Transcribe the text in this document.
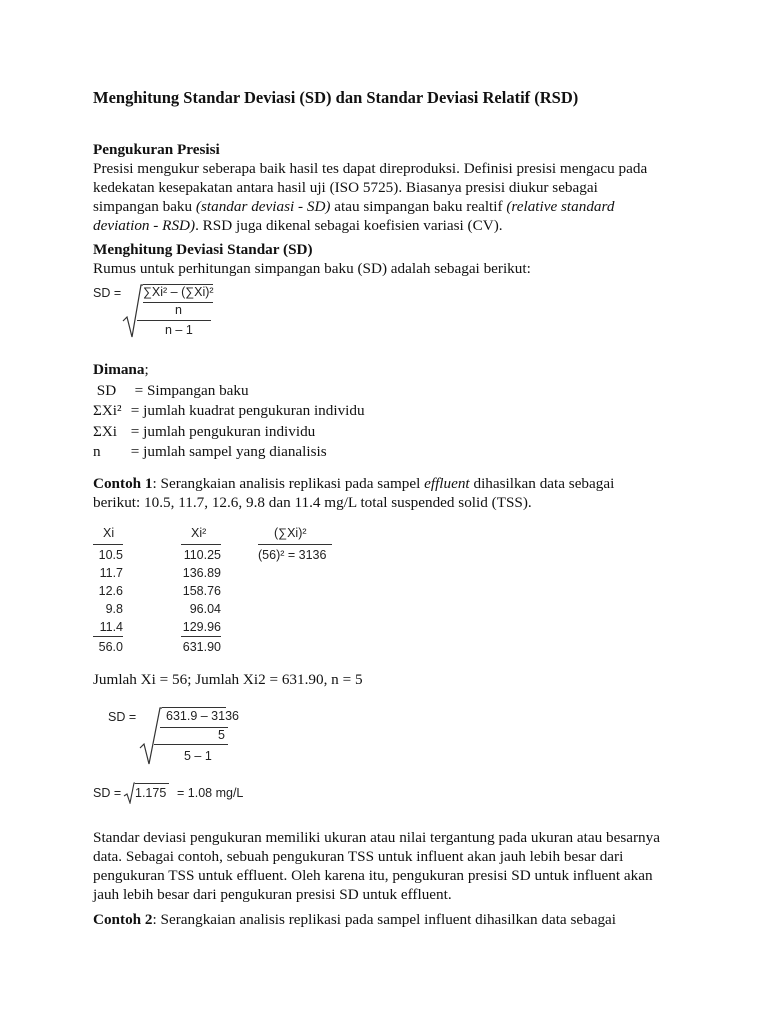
Menghitung Standar Deviasi (SD) dan Standar Deviasi Relatif (RSD)
Pengukuran Presisi
Presisi mengukur seberapa baik hasil tes dapat direproduksi. Definisi presisi mengacu pada
kedekatan kesepakatan antara hasil uji (ISO 5725). Biasanya presisi diukur sebagai
simpangan baku (standar deviasi - SD) atau simpangan baku realtif (relative standard
deviation - RSD). RSD juga dikenal sebagai koefisien variasi (CV).
Menghitung Deviasi Standar (SD)
Rumus untuk perhitungan simpangan baku (SD) adalah sebagai berikut:
SD = ∑Xi² – (∑Xi)²
n
n – 1
Dimana;
SD = Simpangan baku
ΣXi² = jumlah kuadrat pengukuran individu
ΣXi = jumlah pengukuran individu
n = jumlah sampel yang dianalisis
Contoh 1: Serangkaian analisis replikasi pada sampel effluent dihasilkan data sebagai
berikut: 10.5, 11.7, 12.6, 9.8 dan 11.4 mg/L total suspended solid (TSS).
Xi
10.5
11.7
12.6
9.8
11.4
56.0
Xi²
110.25
136.89
158.76
96.04
129.96
631.90
(∑Xi)²
(56)² = 3136
Jumlah Xi = 56; Jumlah Xi2 = 631.90, n = 5
SD = 631.9 – 3136
5
5 – 1
SD = 1.175 = 1.08 mg/L
Standar deviasi pengukuran memiliki ukuran atau nilai tergantung pada ukuran atau besarnya
data. Sebagai contoh, sebuah pengukuran TSS untuk influent akan jauh lebih besar dari
pengukuran TSS untuk effluent. Oleh karena itu, pengukuran presisi SD untuk influent akan
jauh lebih besar dari pengukuran presisi SD untuk effluent.
Contoh 2: Serangkaian analisis replikasi pada sampel influent dihasilkan data sebagai
